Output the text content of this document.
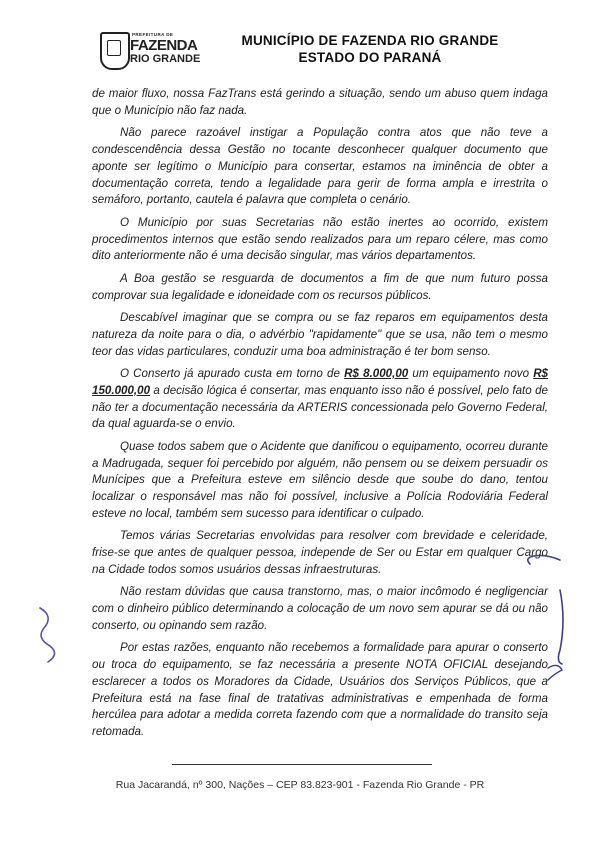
PREFEITURA DE
FAZENDA
RIO GRANDE
MUNICÍPIO DE FAZENDA RIO GRANDE
ESTADO DO PARANÁ

de maior fluxo, nossa FazTrans está gerindo a situação, sendo um abuso quem indaga que o Município não faz nada.

Não parece razoável instigar a População contra atos que não teve a condescendência dessa Gestão no tocante desconhecer qualquer documento que aponte ser legítimo o Município para consertar, estamos na iminência de obter a documentação correta, tendo a legalidade para gerir de forma ampla e irrestrita o semáforo, portanto, cautela é palavra que completa o cenário.

O Município por suas Secretarias não estão inertes ao ocorrido, existem procedimentos internos que estão sendo realizados para um reparo célere, mas como dito anteriormente não é uma decisão singular, mas vários departamentos.

A Boa gestão se resguarda de documentos a fim de que num futuro possa comprovar sua legalidade e idoneidade com os recursos públicos.

Descabível imaginar que se compra ou se faz reparos em equipamentos desta natureza da noite para o dia, o advérbio "rapidamente" que se usa, não tem o mesmo teor das vidas particulares, conduzir uma boa administração é ter bom senso.

O Conserto já apurado custa em torno de R$ 8.000,00 um equipamento novo R$ 150.000,00 a decisão lógica é consertar, mas enquanto isso não é possível, pelo fato de não ter a documentação necessária da ARTERIS concessionada pelo Governo Federal, da qual aguarda-se o envio.

Quase todos sabem que o Acidente que danificou o equipamento, ocorreu durante a Madrugada, sequer foi percebido por alguém, não pensem ou se deixem persuadir os Munícipes que a Prefeitura esteve em silêncio desde que soube do dano, tentou localizar o responsável mas não foi possível, inclusive a Polícia Rodoviária Federal esteve no local, também sem sucesso para identificar o culpado.

Temos várias Secretarias envolvidas para resolver com brevidade e celeridade, frise-se que antes de qualquer pessoa, independe de Ser ou Estar em qualquer Cargo na Cidade todos somos usuários dessas infraestruturas.

Não restam dúvidas que causa transtorno, mas, o maior incômodo é negligenciar com o dinheiro público determinando a colocação de um novo sem apurar se dá ou não conserto, ou opinando sem razão.

Por estas razões, enquanto não recebemos a formalidade para apurar o conserto ou troca do equipamento, se faz necessária a presente NOTA OFICIAL desejando esclarecer a todos os Moradores da Cidade, Usuários dos Serviços Públicos, que a Prefeitura está na fase final de tratativas administrativas e empenhada de forma hercúlea para adotar a medida correta fazendo com que a normalidade do transito seja retomada.

Rua Jacarandá, nº 300, Nações – CEP 83.823-901 - Fazenda Rio Grande - PR
